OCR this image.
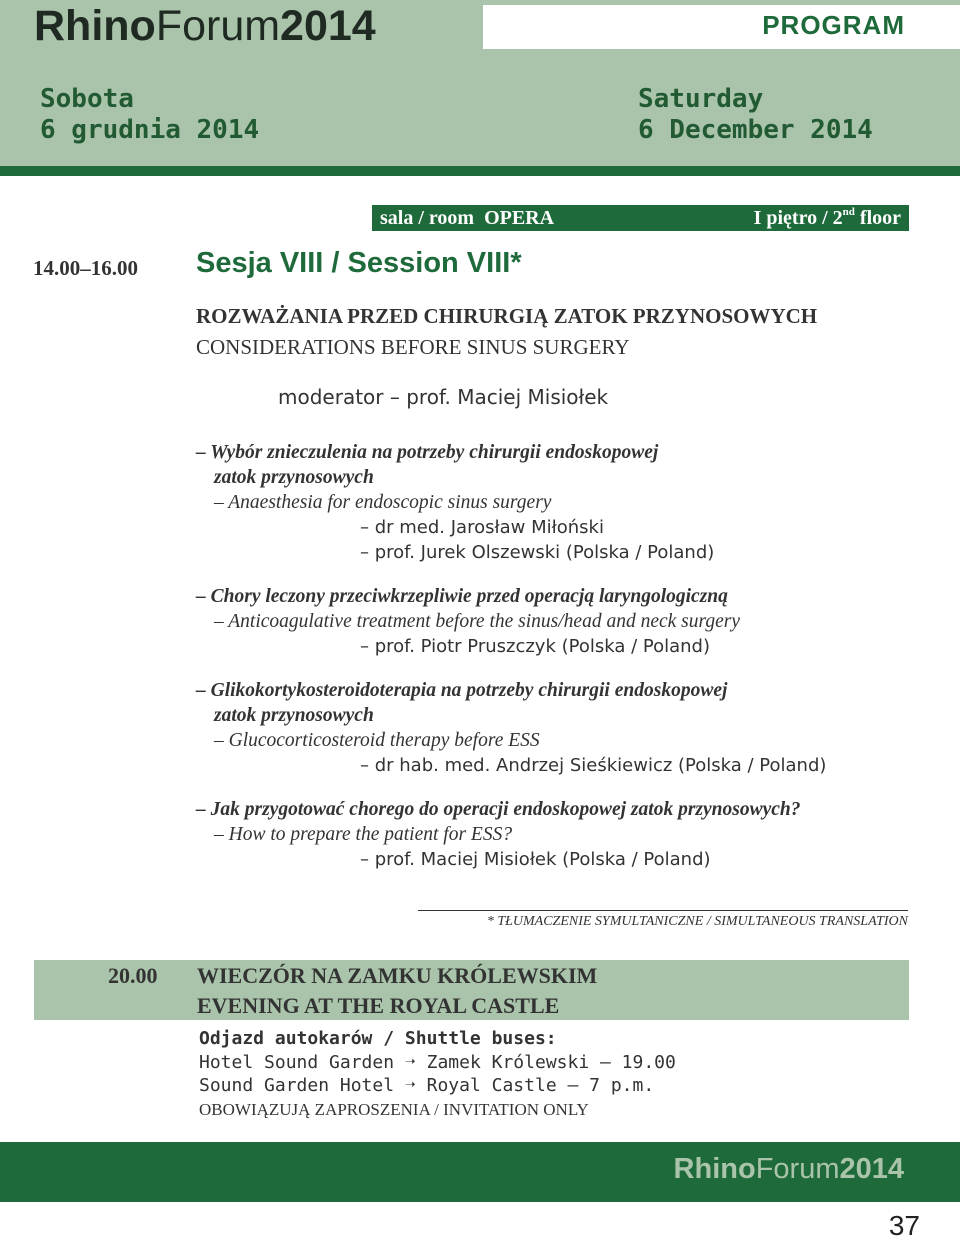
RhinoForum2014	PROGRAM
Sobota
6 grudnia 2014
Saturday
6 December 2014
sala / room  OPERA	I piętro / 2nd floor
14.00–16.00 Sesja VIII / Session VIII*
ROZWAŻANIA PRZED CHIRURGIĄ ZATOK PRZYNOSOWYCH
CONSIDERATIONS BEFORE SINUS SURGERY
moderator – prof. Maciej Misiołek
– Wybór znieczulenia na potrzeby chirurgii endoskopowej
zatok przynosowych
– Anaesthesia for endoscopic sinus surgery
– dr med. Jarosław Miłoński
– prof. Jurek Olszewski (Polska / Poland)
– Chory leczony przeciwkrzepliwie przed operacją laryngologiczną
– Anticoagulative treatment before the sinus/head and neck surgery
– prof. Piotr Pruszczyk (Polska / Poland)
– Glikokortykosteroidoterapia na potrzeby chirurgii endoskopowej
zatok przynosowych
– Glucocorticosteroid therapy before ESS
– dr hab. med. Andrzej Sieśkiewicz (Polska / Poland)
– Jak przygotować chorego do operacji endoskopowej zatok przynosowych?
– How to prepare the patient for ESS?
– prof. Maciej Misiołek (Polska / Poland)
* TŁUMACZENIE SYMULTANICZNE / SIMULTANEOUS TRANSLATION
20.00 WIECZÓR NA ZAMKU KRÓLEWSKIM
EVENING AT THE ROYAL CASTLE
Odjazd autokarów / Shuttle buses:
Hotel Sound Garden ➝ Zamek Królewski – 19.00
Sound Garden Hotel ➝ Royal Castle – 7 p.m.
OBOWIĄZUJĄ ZAPROSZENIA / INVITATION ONLY
RhinoForum2014
37
